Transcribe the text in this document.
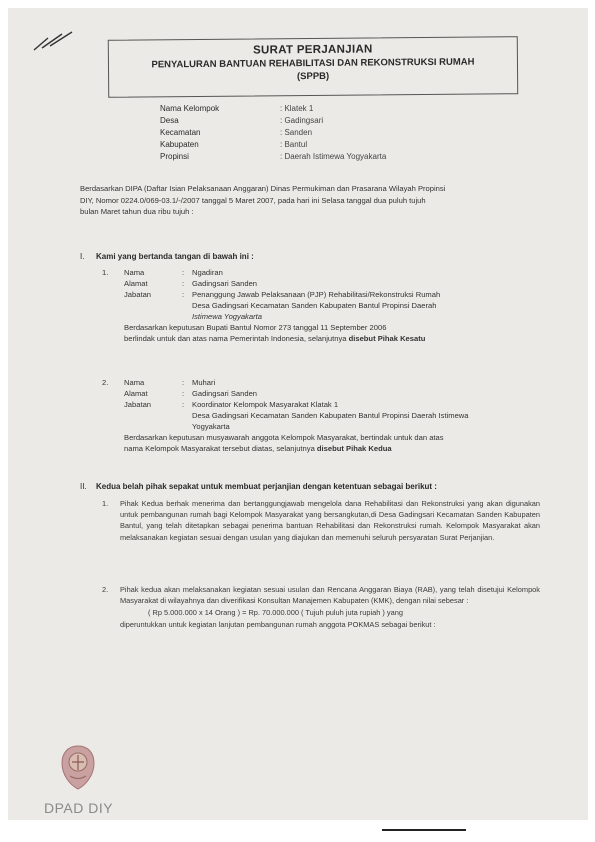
SURAT PERJANJIAN
PENYALURAN BANTUAN REHABILITASI DAN REKONSTRUKSI RUMAH
(SPPB)
Nama Kelompok	: Klatek 1
Desa	: Gadingsari
Kecamatan	: Sanden
Kabupaten	: Bantul
Propinsi	: Daerah Istimewa Yogyakarta
Berdasarkan DIPA (Daftar Isian Pelaksanaan Anggaran) Dinas Permukiman dan Prasarana Wilayah Propinsi
DIY, Nomor 0224.0/069-03.1/-/2007 tanggal 5 Maret 2007, pada hari ini Selasa tanggal dua puluh tujuh
bulan Maret tahun dua ribu tujuh :
I. Kami yang bertanda tangan di bawah ini :
1.	Nama	:	Ngadiran
Alamat	:	Gadingsari Sanden
Jabatan	:	Penanggung Jawab Pelaksanaan (PJP) Rehabilitasi/Rekonstruksi Rumah
Desa Gadingsari Kecamatan Sanden Kabupaten Bantul Propinsi Daerah
Istimewa Yogyakarta
Berdasarkan keputusan Bupati Bantul Nomor 273 tanggal 11 September 2006
berlindak untuk dan atas nama Pemerintah Indonesia, selanjutnya disebut Pihak Kesatu
2.	Nama	:	Muhari
Alamat	:	Gadingsari Sanden
Jabatan	:	Koordinator Kelompok Masyarakat Klatak 1
Desa Gadingsari Kecamatan Sanden Kabupaten Bantul Propinsi Daerah Istimewa
Yogyakarta
Berdasarkan keputusan musyawarah anggota Kelompok Masyarakat, bertindak untuk dan atas
nama Kelompok Masyarakat tersebut diatas, selanjutnya disebut Pihak Kedua
II. Kedua belah pihak sepakat untuk membuat perjanjian dengan ketentuan sebagai berikut :
1. Pihak Kedua berhak menerima dan bertanggungjawab mengelola dana Rehabilitasi dan Rekonstruksi yang akan digunakan untuk pembangunan rumah bagi Kelompok Masyarakat yang bersangkutan,di Desa Gadingsari Kecamatan Sanden Kabupaten Bantul, yang telah ditetapkan sebagai penerima bantuan Rehabilitasi dan Rekonstruksi rumah. Kelompok Masyarakat akan melaksanakan kegiatan sesuai dengan usulan yang diajukan dan memenuhi seluruh persyaratan Surat Perjanjian.
2. Pihak kedua akan melaksanakan kegiatan sesuai usulan dan Rencana Anggaran Biaya (RAB), yang telah disetujui Kelompok Masyarakat di wilayahnya dan diverifikasi Konsultan Manajemen Kabupaten (KMK), dengan nilai sebesar :
( Rp 5.000.000 x 14 Orang ) = Rp. 70.000.000 ( Tujuh puluh juta rupiah ) yang
diperuntukkan untuk kegiatan lanjutan pembangunan rumah anggota POKMAS sebagai berikut :
DPAD DIY
